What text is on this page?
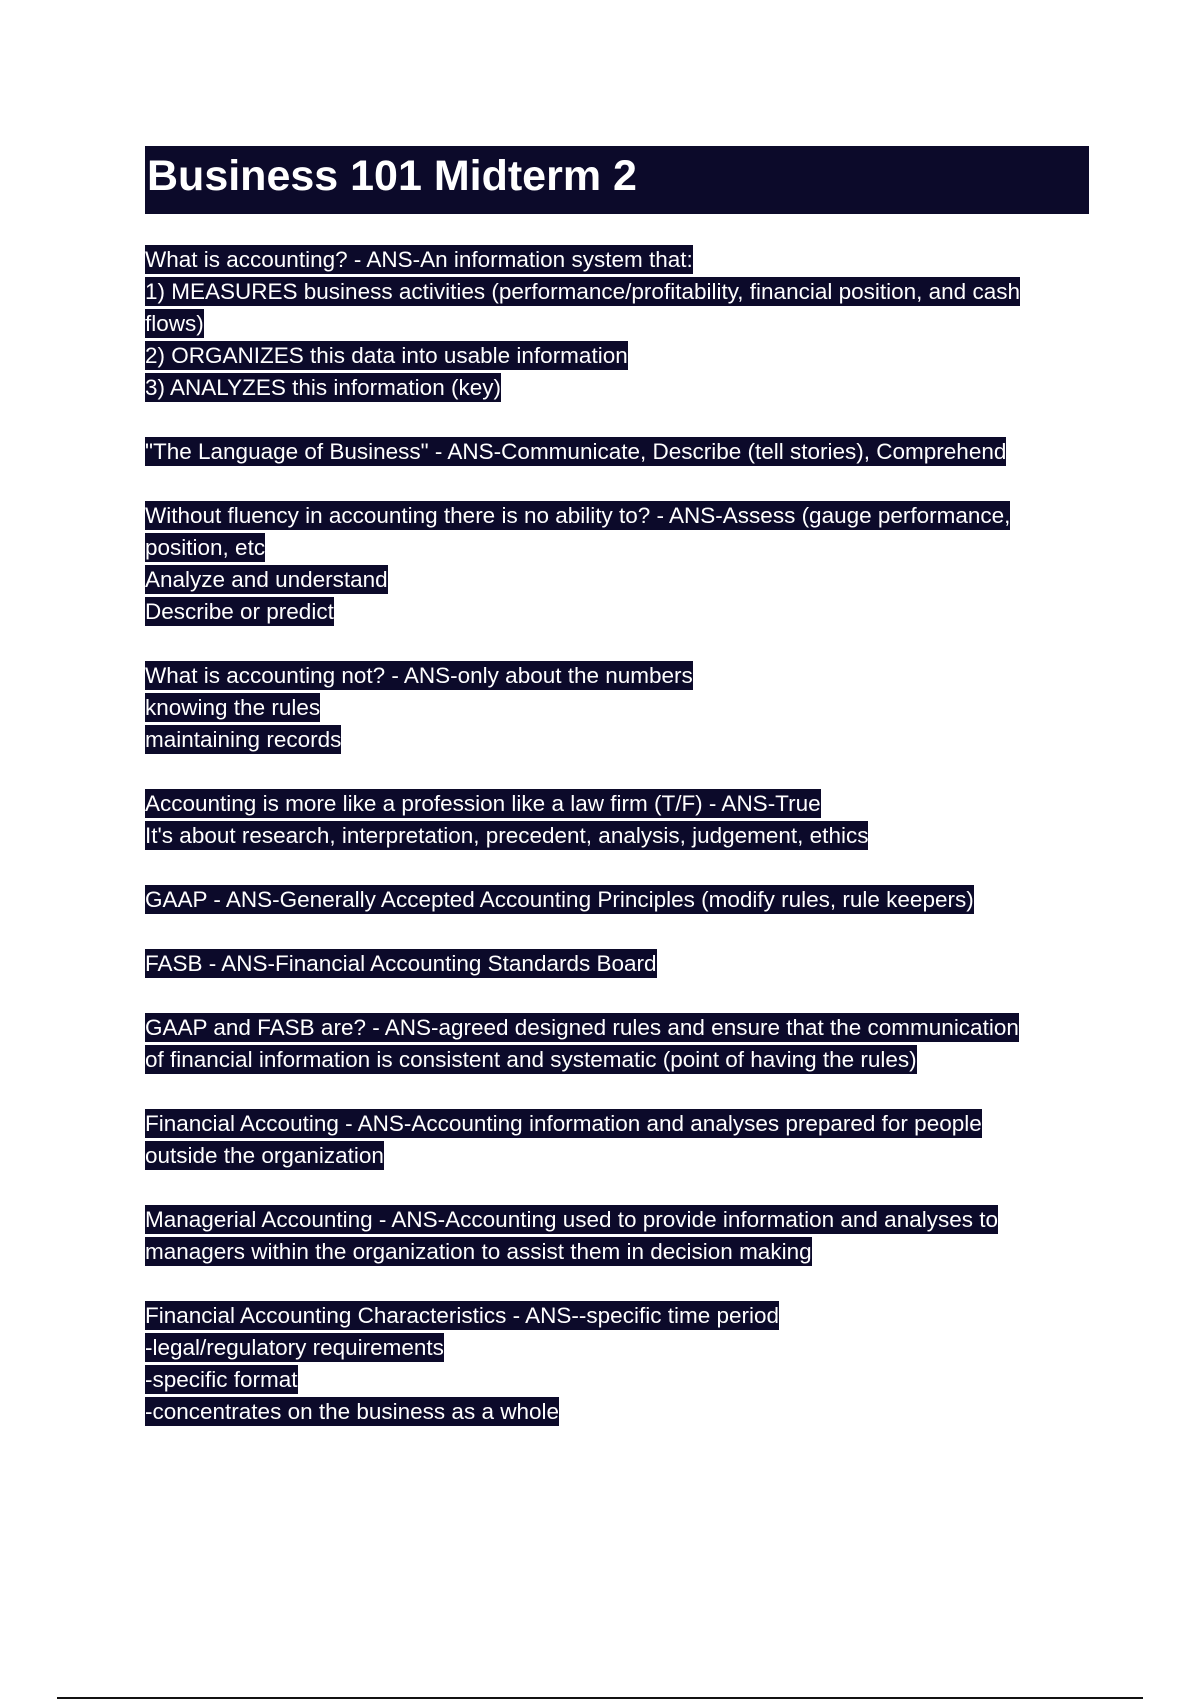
Business 101 Midterm 2
What is accounting? - ANS-An information system that:
1) MEASURES business activities (performance/profitability, financial position, and cash
flows)
2) ORGANIZES this data into usable information
3) ANALYZES this information (key)
"The Language of Business" - ANS-Communicate, Describe (tell stories), Comprehend
Without fluency in accounting there is no ability to? - ANS-Assess (gauge performance,
position, etc
Analyze and understand
Describe or predict
What is accounting not? - ANS-only about the numbers
knowing the rules
maintaining records
Accounting is more like a profession like a law firm (T/F) - ANS-True
It's about research, interpretation, precedent, analysis, judgement, ethics
GAAP - ANS-Generally Accepted Accounting Principles (modify rules, rule keepers)
FASB - ANS-Financial Accounting Standards Board
GAAP and FASB are? - ANS-agreed designed rules and ensure that the communication
of financial information is consistent and systematic (point of having the rules)
Financial Accouting - ANS-Accounting information and analyses prepared for people
outside the organization
Managerial Accounting - ANS-Accounting used to provide information and analyses to
managers within the organization to assist them in decision making
Financial Accounting Characteristics - ANS--specific time period
-legal/regulatory requirements
-specific format
-concentrates on the business as a whole
